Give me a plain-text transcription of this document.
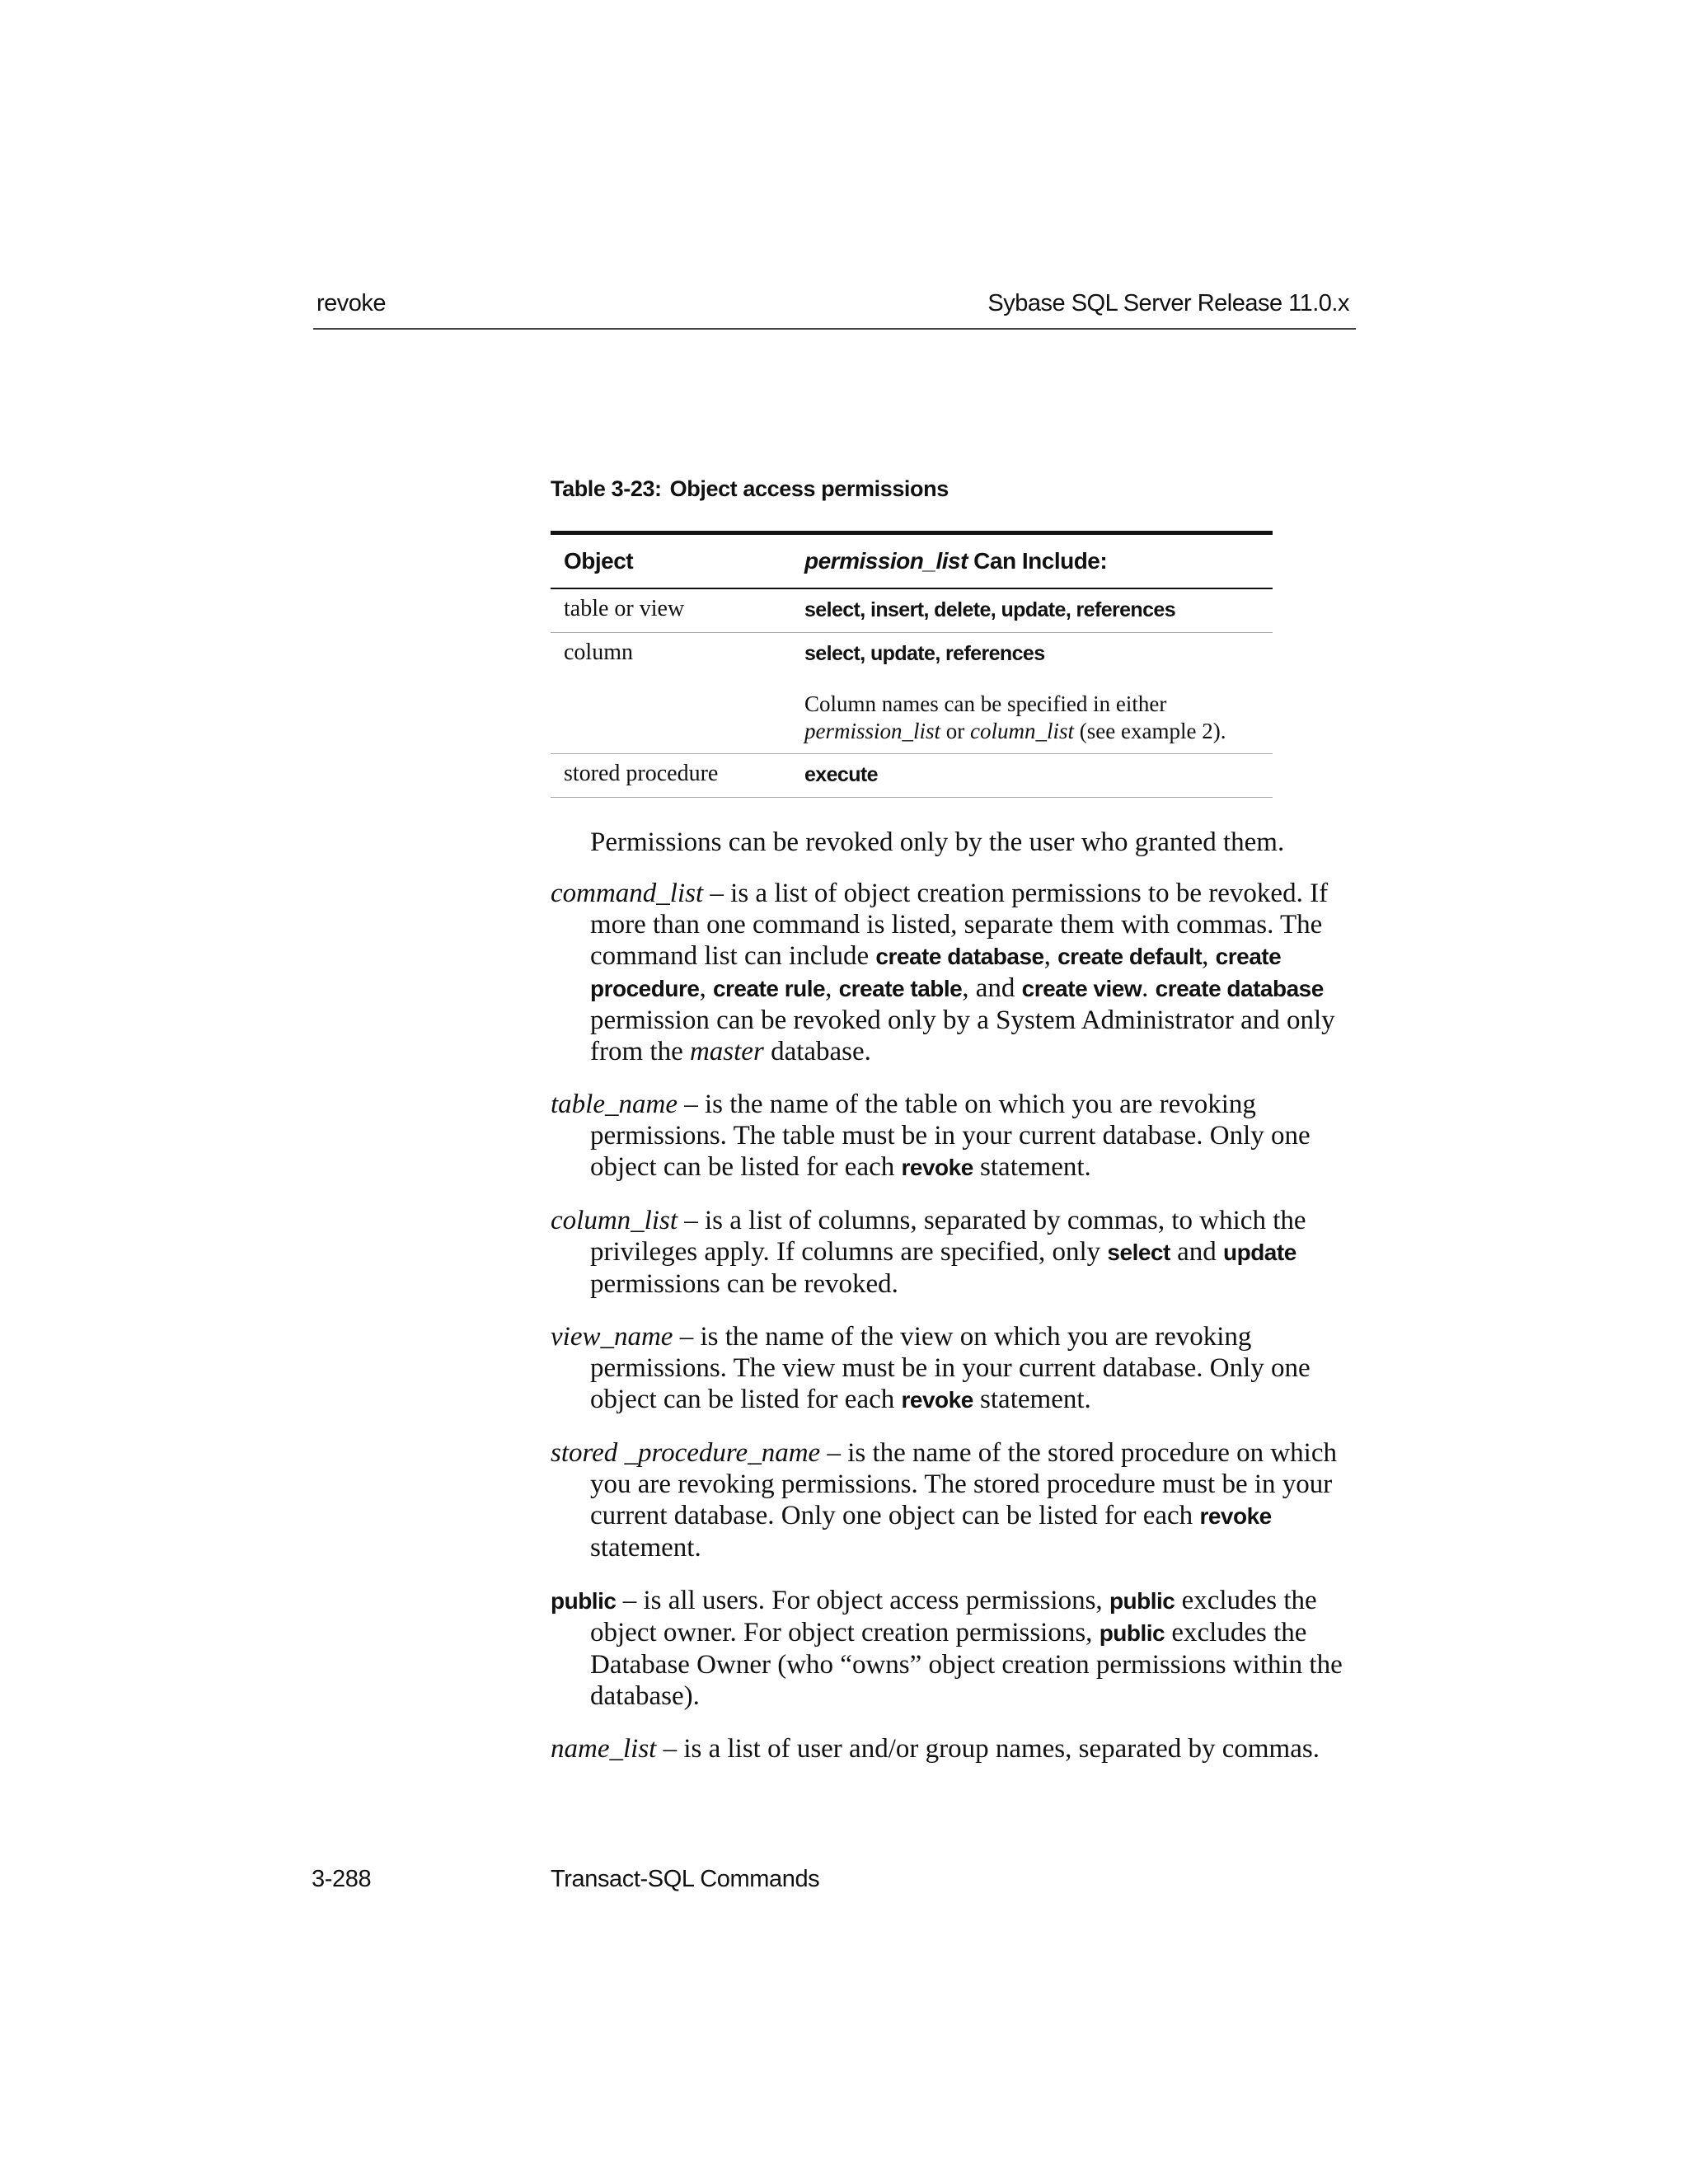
revoke	Sybase SQL Server Release 11.0.x
Table 3-23: Object access permissions
Object	permission_list Can Include:
table or view	select, insert, delete, update, references

column	select, update, references
Column names can be specified in either permission_list or column_list (see example 2).

stored procedure	execute

Permissions can be revoked only by the user who granted them.

command_list – is a list of object creation permissions to be revoked. If more than one command is listed, separate them with commas. The command list can include create database, create default, create procedure, create rule, create table, and create view. create database permission can be revoked only by a System Administrator and only from the master database.

table_name – is the name of the table on which you are revoking permissions. The table must be in your current database. Only one object can be listed for each revoke statement.

column_list – is a list of columns, separated by commas, to which the privileges apply. If columns are specified, only select and update permissions can be revoked.

view_name – is the name of the view on which you are revoking permissions. The view must be in your current database. Only one object can be listed for each revoke statement.

stored _procedure_name – is the name of the stored procedure on which you are revoking permissions. The stored procedure must be in your current database. Only one object can be listed for each revoke statement.

public – is all users. For object access permissions, public excludes the object owner. For object creation permissions, public excludes the Database Owner (who “owns” object creation permissions within the database).

name_list – is a list of user and/or group names, separated by commas.

3-288	Transact-SQL Commands
